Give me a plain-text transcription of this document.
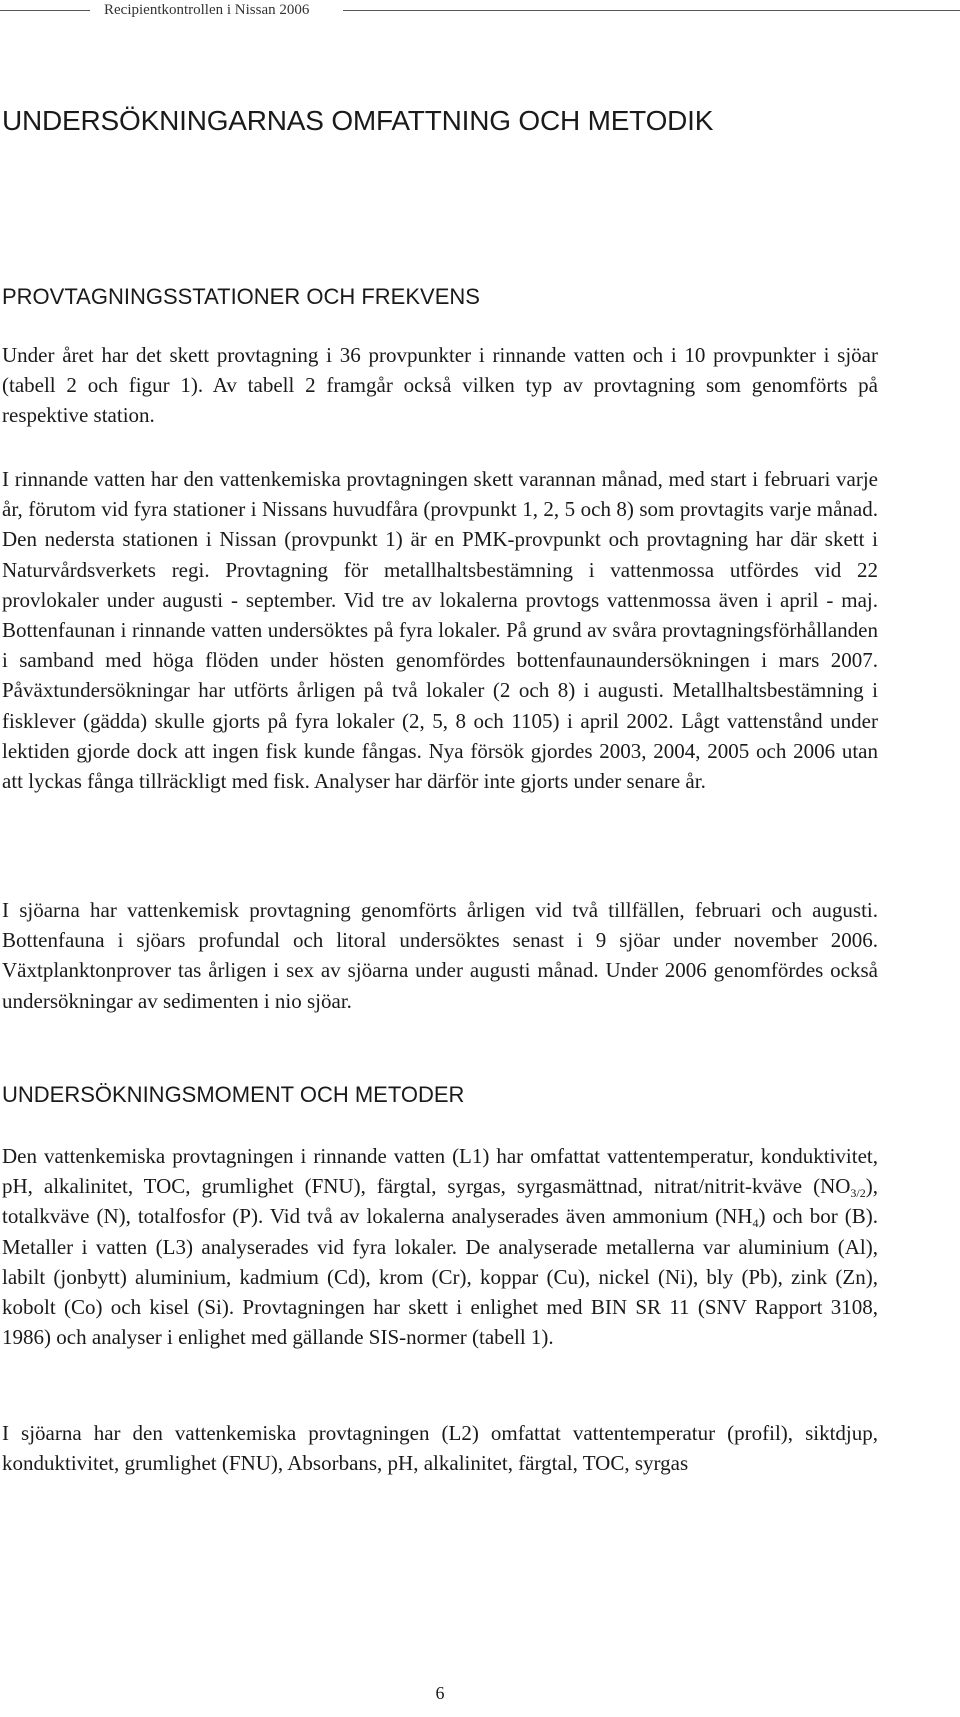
Recipientkontrollen i Nissan 2006
UNDERSÖKNINGARNAS OMFATTNING OCH METODIK
PROVTAGNINGSSTATIONER OCH FREKVENS

Under året har det skett provtagning i 36 provpunkter i rinnande vatten och i 10 provpunkter i sjöar (tabell 2 och figur 1). Av tabell 2 framgår också vilken typ av provtagning som genomförts på respektive station.

I rinnande vatten har den vattenkemiska provtagningen skett varannan månad, med start i februari varje år, förutom vid fyra stationer i Nissans huvudfåra (provpunkt 1, 2, 5 och 8) som provtagits varje månad. Den nedersta stationen i Nissan (provpunkt 1) är en PMK-provpunkt och provtagning har där skett i Naturvårdsverkets regi. Provtagning för metallhaltsbestämning i vattenmossa utfördes vid 22 provlokaler under augusti - september. Vid tre av lokalerna provtogs vattenmossa även i april - maj. Bottenfaunan i rinnande vatten undersöktes på fyra lokaler. På grund av svåra provtagningsförhållanden i samband med höga flöden under hösten genomfördes bottenfaunaundersökningen i mars 2007. Påväxtundersökningar har utförts årligen på två lokaler (2 och 8) i augusti. Metallhaltsbestämning i fisklever (gädda) skulle gjorts på fyra lokaler (2, 5, 8 och 1105) i april 2002. Lågt vattenstånd under lektiden gjorde dock att ingen fisk kunde fångas. Nya försök gjordes 2003, 2004, 2005 och 2006 utan att lyckas fånga tillräckligt med fisk. Analyser har därför inte gjorts under senare år.

I sjöarna har vattenkemisk provtagning genomförts årligen vid två tillfällen, februari och augusti. Bottenfauna i sjöars profundal och litoral undersöktes senast i 9 sjöar under november 2006. Växtplanktonprover tas årligen i sex av sjöarna under augusti månad. Under 2006 genomfördes också undersökningar av sedimenten i nio sjöar.

UNDERSÖKNINGSMOMENT OCH METODER

Den vattenkemiska provtagningen i rinnande vatten (L1) har omfattat vattentemperatur, konduktivitet, pH, alkalinitet, TOC, grumlighet (FNU), färgtal, syrgas, syrgasmättnad, nitrat/nitrit-kväve $(NO_{3/2})$, totalkväve (N), totalfosfor (P). Vid två av lokalerna analyserades även ammonium $(NH_4)$ och bor (B). Metaller i vatten (L3) analyserades vid fyra lokaler. De analyserade metallerna var aluminium (Al), labilt (jonbytt) aluminium, kadmium (Cd), krom (Cr), koppar (Cu), nickel (Ni), bly (Pb), zink (Zn), kobolt (Co) och kisel (Si). Provtagningen har skett i enlighet med BIN SR 11 (SNV Rapport 3108, 1986) och analyser i enlighet med gällande SIS-normer (tabell 1).

I sjöarna har den vattenkemiska provtagningen (L2) omfattat vattentemperatur (profil), siktdjup, konduktivitet, grumlighet (FNU), Absorbans, pH, alkalinitet, färgtal, TOC, syrgas

6
